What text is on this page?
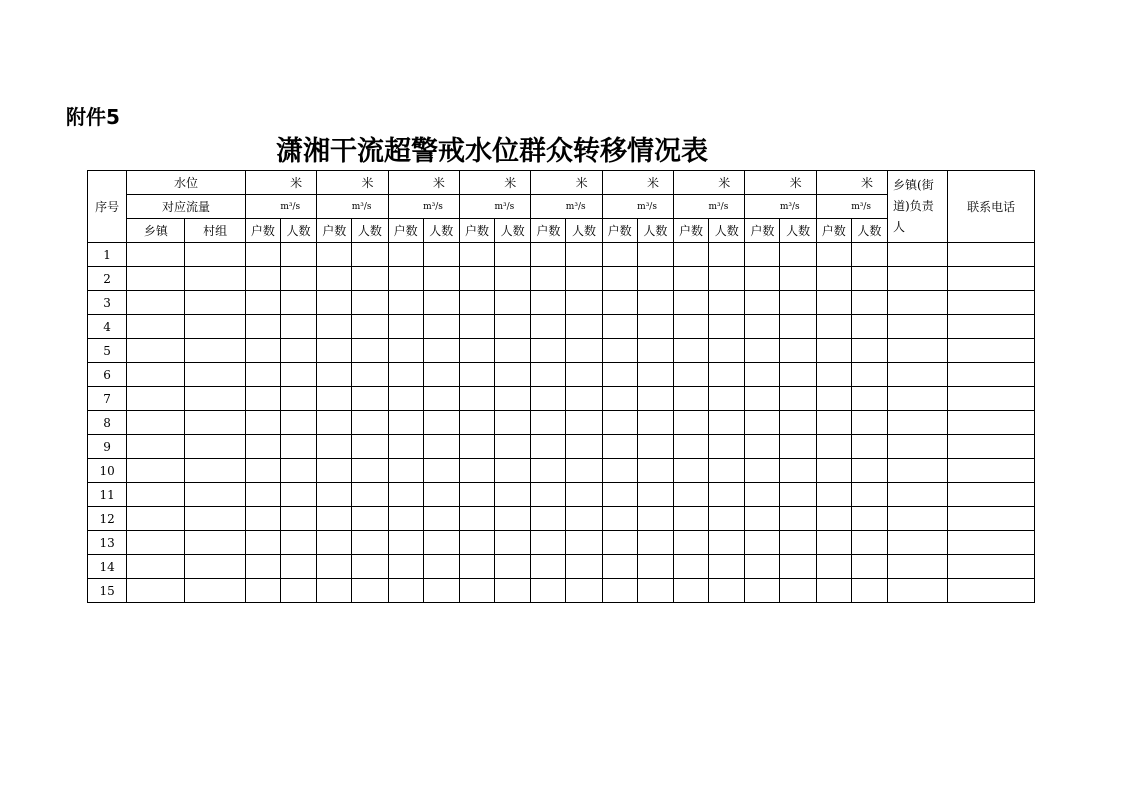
附件5
潇湘干流超警戒水位群众转移情况表
序号	水位		米		米		米		米		米		米		米		米		米		乡镇(街道)负责人	联系电话
	对应流量		m³/s		m³/s		m³/s		m³/s		m³/s		m³/s		m³/s		m³/s		m³/s			
	乡镇	村组	户数	人数	户数	人数	户数	人数	户数	人数	户数	人数	户数	人数	户数	人数	户数	人数	户数	人数		
1																						
2																						
3																						
4																						
5																						
6																						
7																						
8																						
9																						
10																						
11																						
12																						
13																						
14																						
15																						
